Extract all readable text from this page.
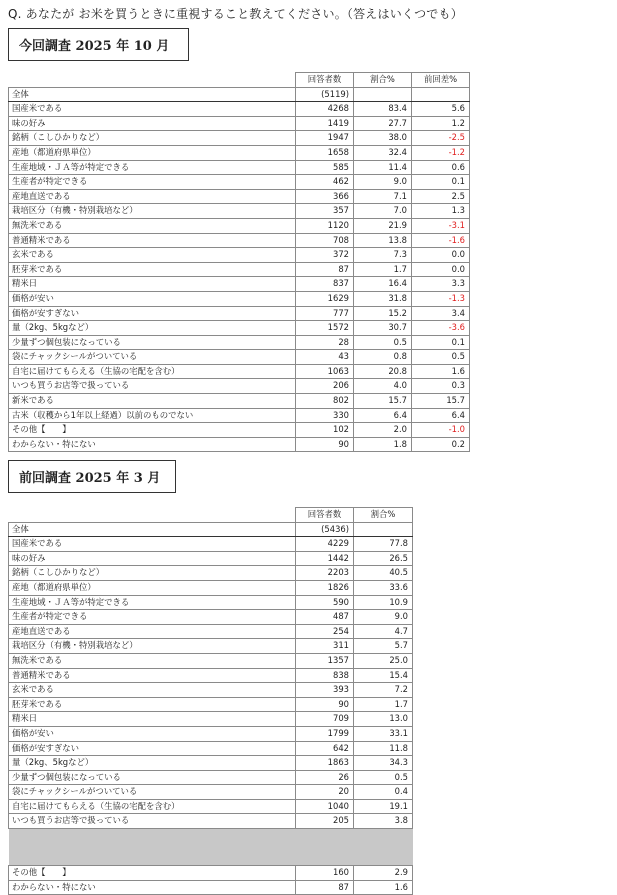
Q. あなたが お米を買うときに重視すること教えてください。（答えはいくつでも）
今回調査 2025 年 10 月
	回答者数	割合%	前回差%
全体	(5119)		
国産米である	4268	83.4	5.6
味の好み	1419	27.7	1.2
銘柄（こしひかりなど）	1947	38.0	-2.5
産地（都道府県単位）	1658	32.4	-1.2
生産地域・ＪＡ等が特定できる	585	11.4	0.6
生産者が特定できる	462	9.0	0.1
産地直送である	366	7.1	2.5
栽培区分（有機・特別栽培など）	357	7.0	1.3
無洗米である	1120	21.9	-3.1
普通精米である	708	13.8	-1.6
玄米である	372	7.3	0.0
胚芽米である	87	1.7	0.0
精米日	837	16.4	3.3
価格が安い	1629	31.8	-1.3
価格が安すぎない	777	15.2	3.4
量（2kg、5kgなど）	1572	30.7	-3.6
少量ずつ個包装になっている	28	0.5	0.1
袋にチャックシールがついている	43	0.8	0.5
自宅に届けてもらえる（生協の宅配を含む）	1063	20.8	1.6
いつも買うお店等で扱っている	206	4.0	0.3
新米である	802	15.7	15.7
古米（収穫から1年以上経過）以前のものでない	330	6.4	6.4
その他【　　】	102	2.0	-1.0
わからない・特にない	90	1.8	0.2
前回調査 2025 年 3 月
	回答者数	割合%
全体	(5436)	
国産米である	4229	77.8
味の好み	1442	26.5
銘柄（こしひかりなど）	2203	40.5
産地（都道府県単位）	1826	33.6
生産地域・ＪＡ等が特定できる	590	10.9
生産者が特定できる	487	9.0
産地直送である	254	4.7
栽培区分（有機・特別栽培など）	311	5.7
無洗米である	1357	25.0
普通精米である	838	15.4
玄米である	393	7.2
胚芽米である	90	1.7
精米日	709	13.0
価格が安い	1799	33.1
価格が安すぎない	642	11.8
量（2kg、5kgなど）	1863	34.3
少量ずつ個包装になっている	26	0.5
袋にチャックシールがついている	20	0.4
自宅に届けてもらえる（生協の宅配を含む）	1040	19.1
いつも買うお店等で扱っている	205	3.8

その他【　　】	160	2.9
わからない・特にない	87	1.6
